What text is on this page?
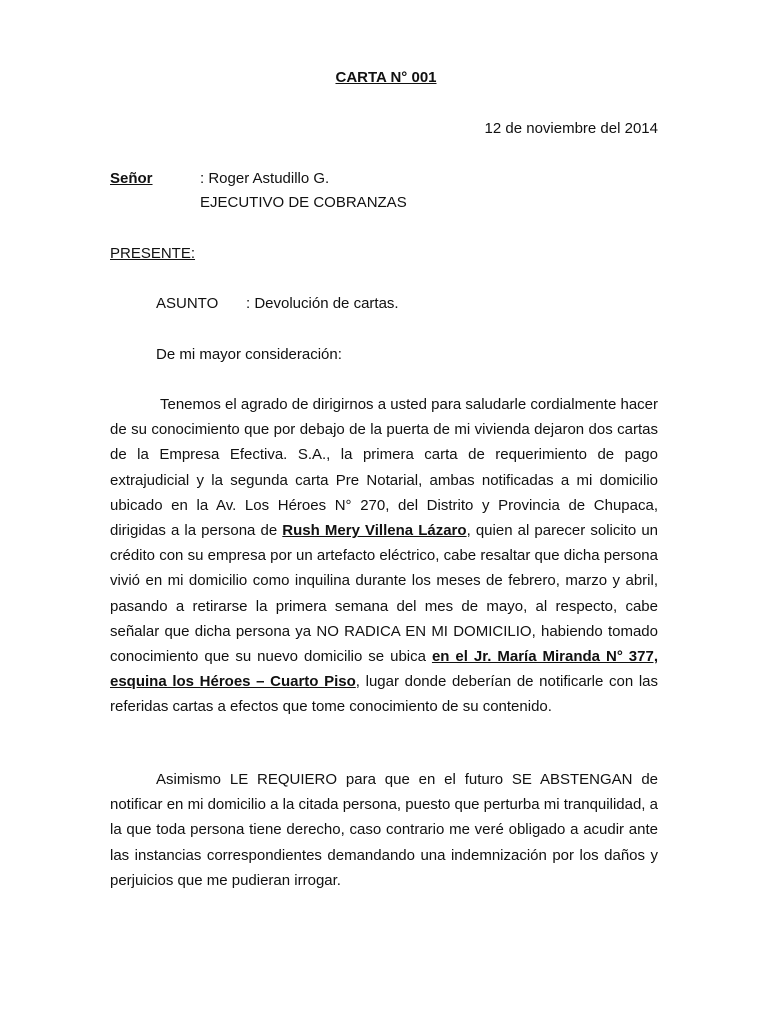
CARTA N° 001
12 de noviembre del 2014
Señor	: Roger Astudillo G.
EJECUTIVO DE COBRANZAS
PRESENTE:
ASUNTO : Devolución de cartas.
De mi mayor consideración:
Tenemos el agrado de dirigirnos a usted para saludarle cordialmente hacer de su conocimiento que por debajo de la puerta de mi vivienda dejaron dos cartas de la Empresa Efectiva. S.A., la primera carta de requerimiento de pago extrajudicial y la segunda carta Pre Notarial, ambas notificadas a mi domicilio ubicado en la Av. Los Héroes N° 270, del Distrito y Provincia de Chupaca, dirigidas a la persona de Rush Mery Villena Lázaro, quien al parecer solicito un crédito con su empresa por un artefacto eléctrico, cabe resaltar que dicha persona vivió en mi domicilio como inquilina durante los meses de febrero, marzo y abril, pasando a retirarse la primera semana del mes de mayo, al respecto, cabe señalar que dicha persona ya NO RADICA EN MI DOMICILIO, habiendo tomado conocimiento que su nuevo domicilio se ubica en el Jr. María Miranda N° 377, esquina los Héroes – Cuarto Piso, lugar donde deberían de notificarle con las referidas cartas a efectos que tome conocimiento de su contenido.
Asimismo LE REQUIERO para que en el futuro SE ABSTENGAN de notificar en mi domicilio a la citada persona, puesto que perturba mi tranquilidad, a la que toda persona tiene derecho, caso contrario me veré obligado a acudir ante las instancias correspondientes demandando una indemnización por los daños y perjuicios que me pudieran irrogar.
